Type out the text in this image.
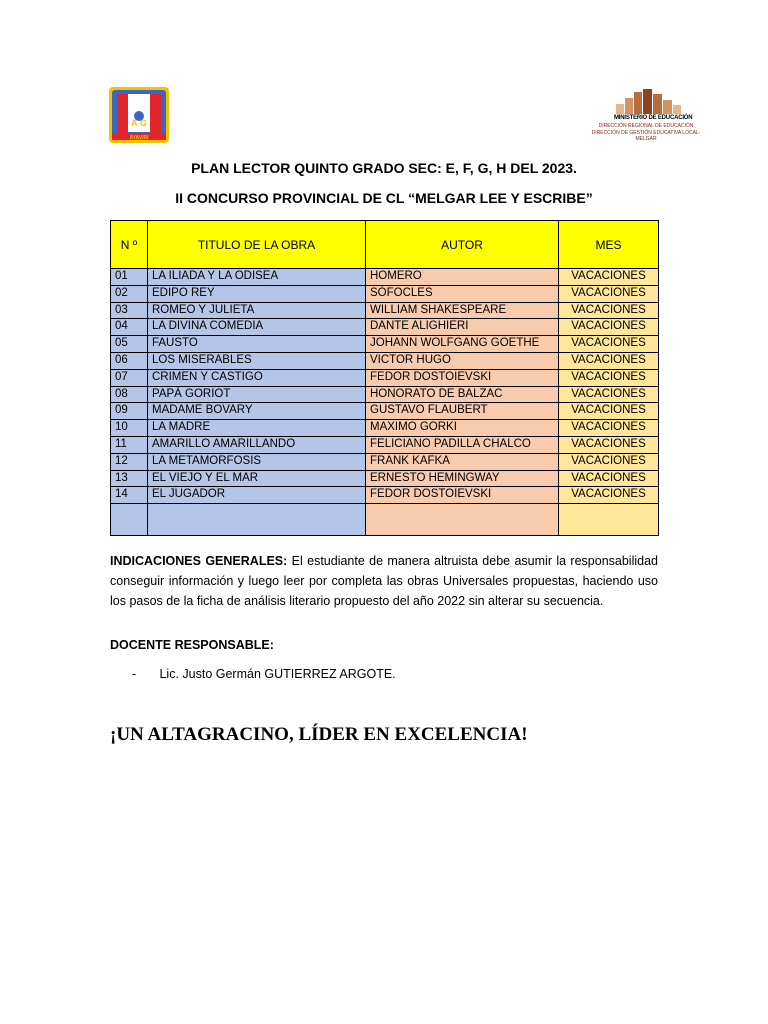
I E S
A G
AYAVIRI
MINISTERIO DE EDUCACIÓN
DIRECCIÓN REGIONAL DE EDUCACIÓN
DIRECCIÓN DE GESTIÓN EDUCATIVA LOCAL-MELGAR
PLAN LECTOR QUINTO GRADO SEC: E, F, G, H DEL 2023.
II CONCURSO PROVINCIAL DE CL “MELGAR LEE Y ESCRIBE”
N º	TITULO DE LA OBRA	AUTOR	MES
01	LA ILIADA Y LA ODISEA	HOMERO	VACACIONES
02	EDIPO REY	SÒFOCLES	VACACIONES
03	ROMEO Y JULIETA	WILLIAM SHAKESPEARE	VACACIONES
04	LA DIVINA COMEDIA	DANTE ALIGHIERI	VACACIONES
05	FAUSTO	JOHANN WOLFGANG GOETHE	VACACIONES
06	LOS MISERABLES	VICTOR HUGO	VACACIONES
07	CRIMEN Y CASTIGO	FEDOR DOSTOIEVSKI	VACACIONES
08	PAPÀ GORIOT	HONORATO DE BALZAC	VACACIONES
09	MADAME BOVARY	GUSTAVO FLAUBERT	VACACIONES
10	LA MADRE	MAXIMO GORKI	VACACIONES
11	AMARILLO AMARILLANDO	FELICIANO PADILLA CHALCO	VACACIONES
12	LA METAMORFOSIS	FRANK KAFKA	VACACIONES
13	EL VIEJO Y EL MAR	ERNESTO HEMINGWAY	VACACIONES
14	EL JUGADOR	FEDOR DOSTOIEVSKI	VACACIONES

INDICACIONES GENERALES: El estudiante de manera altruista debe asumir la responsabilidad conseguir información y luego leer por completa las obras Universales propuestas, haciendo uso los pasos de la ficha de análisis literario propuesto del año 2022 sin alterar su secuencia.
DOCENTE RESPONSABLE:
- Lic. Justo Germán GUTIERREZ ARGOTE.
¡UN ALTAGRACINO, LÍDER EN EXCELENCIA!
